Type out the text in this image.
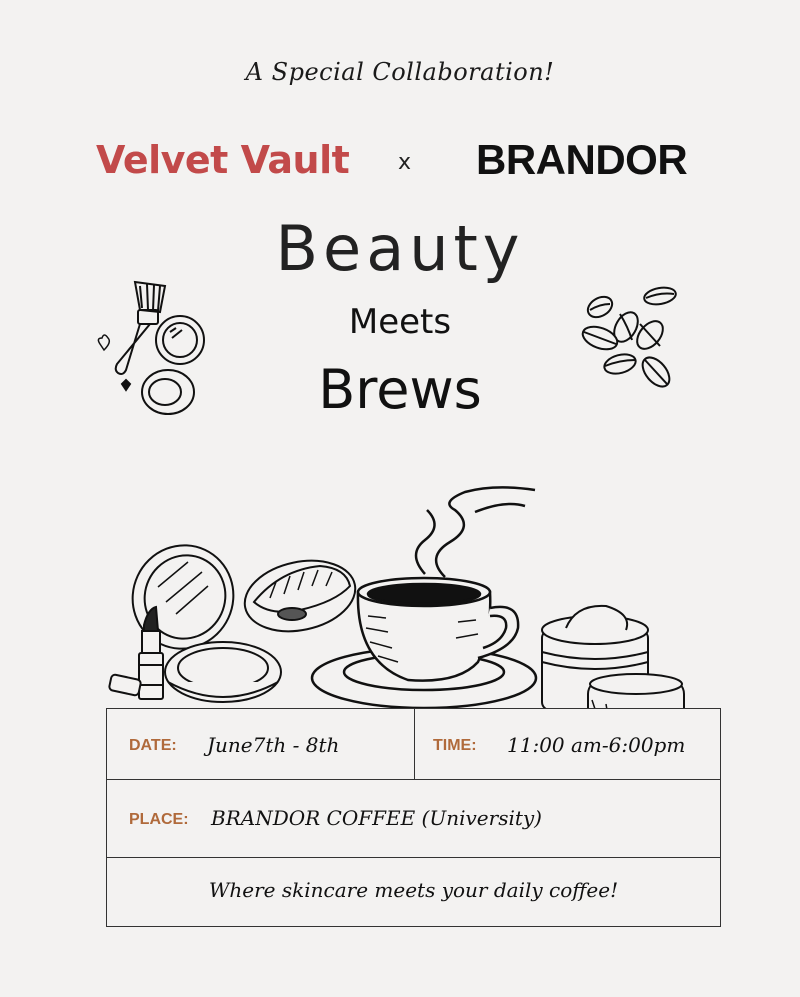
A Special Collaboration!
Velvet Vault x BRANDOR
Beauty
Meets
Brews
DATE: June7th - 8th	TIME: 11:00 am-6:00pm
PLACE: BRANDOR COFFEE (University)
Where skincare meets your daily coffee!
